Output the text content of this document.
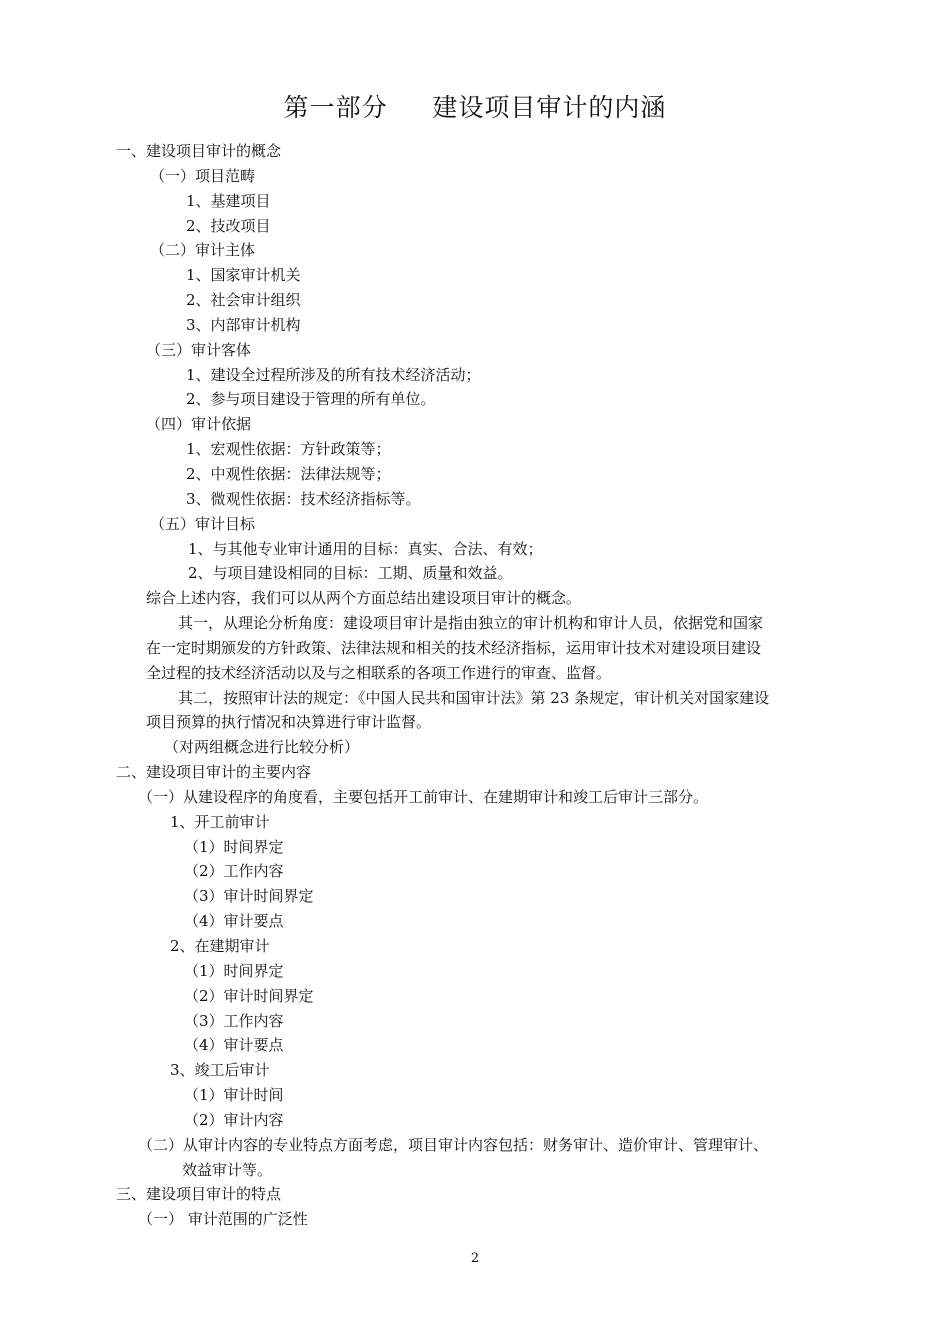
第一部分     建设项目审计的内涵
一、建设项目审计的概念
（一）项目范畴
1、基建项目
2、技改项目
（二）审计主体
1、国家审计机关
2、社会审计组织
3、内部审计机构
（三）审计客体
1、建设全过程所涉及的所有技术经济活动；
2、参与项目建设于管理的所有单位。
（四）审计依据
1、宏观性依据：方针政策等；
2、中观性依据：法律法规等；
3、微观性依据：技术经济指标等。
（五）审计目标
1、与其他专业审计通用的目标：真实、合法、有效；
2、与项目建设相同的目标：工期、质量和效益。
综合上述内容，我们可以从两个方面总结出建设项目审计的概念。
其一，从理论分析角度：建设项目审计是指由独立的审计机构和审计人员，依据党和国家
在一定时期颁发的方针政策、法律法规和相关的技术经济指标，运用审计技术对建设项目建设
全过程的技术经济活动以及与之相联系的各项工作进行的审查、监督。
其二，按照审计法的规定：《中国人民共和国审计法》第 23 条规定，审计机关对国家建设
项目预算的执行情况和决算进行审计监督。
（对两组概念进行比较分析）
二、建设项目审计的主要内容
（一）从建设程序的角度看，主要包括开工前审计、在建期审计和竣工后审计三部分。
1、开工前审计
（1）时间界定
（2）工作内容
（3）审计时间界定
（4）审计要点
2、在建期审计
（1）时间界定
（2）审计时间界定
（3）工作内容
（4）审计要点
3、竣工后审计
（1）审计时间
（2）审计内容
（二）从审计内容的专业特点方面考虑，项目审计内容包括：财务审计、造价审计、管理审计、
效益审计等。
三、建设项目审计的特点
（一） 审计范围的广泛性
2
